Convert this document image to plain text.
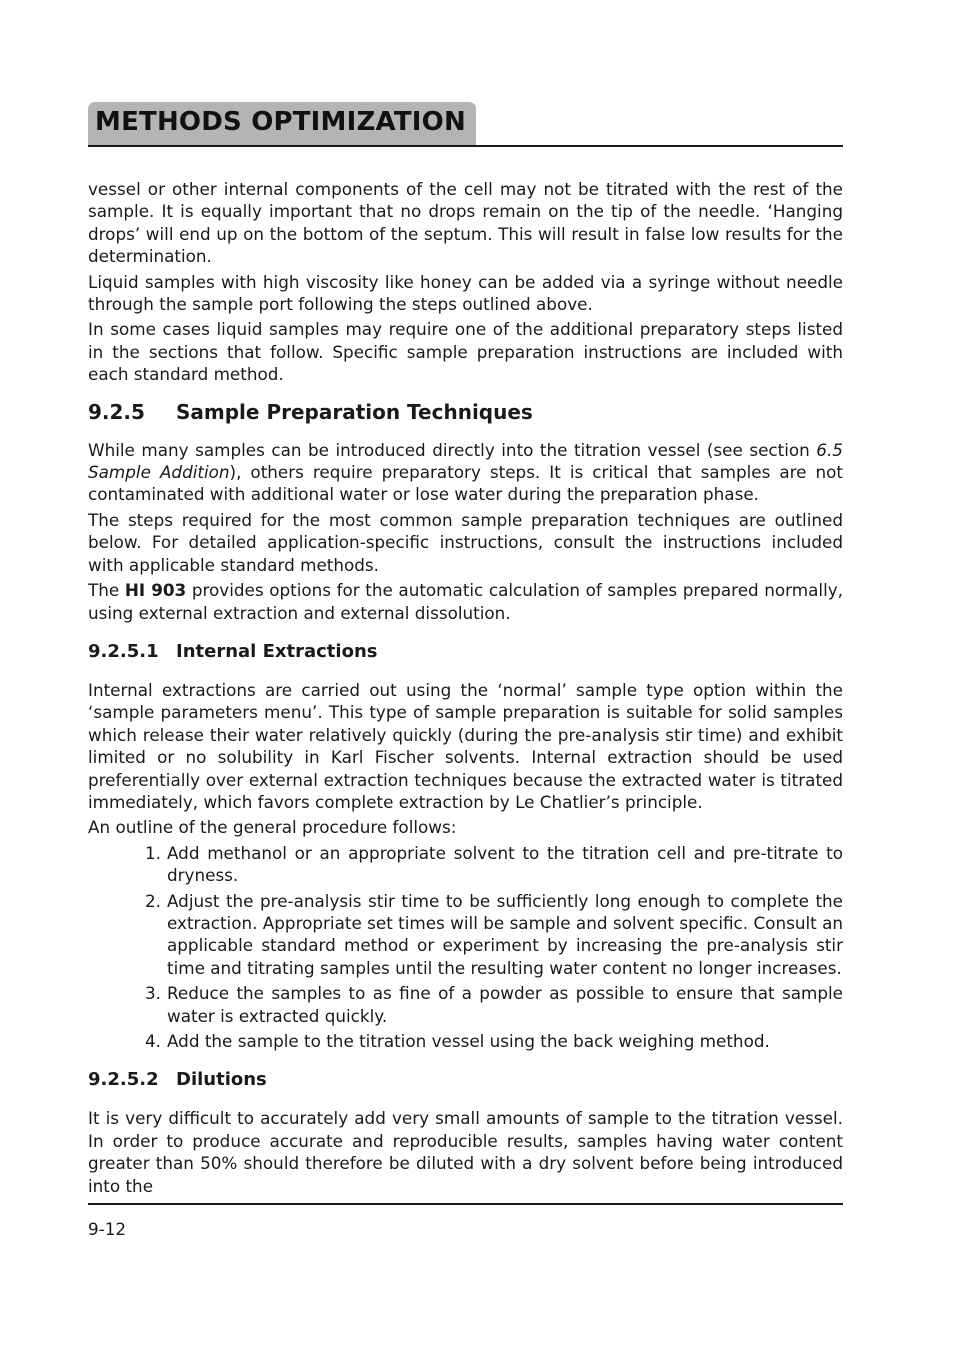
METHODS OPTIMIZATION

vessel or other internal components of the cell may not be titrated with the rest of the sample. It is equally important that no drops remain on the tip of the needle. ‘Hanging drops’ will end up on the bottom of the septum. This will result in false low results for the determination.

Liquid samples with high viscosity like honey can be added via a syringe without needle through the sample port following the steps outlined above.

In some cases liquid samples may require one of the additional preparatory steps listed in the sections that follow. Specific sample preparation instructions are included with each standard method.

9.2.5 Sample Preparation Techniques

While many samples can be introduced directly into the titration vessel (see section 6.5 Sample Addition), others require preparatory steps. It is critical that samples are not contaminated with additional water or lose water during the preparation phase.

The steps required for the most common sample preparation techniques are outlined below. For detailed application-specific instructions, consult the instructions included with applicable standard methods.

The HI 903 provides options for the automatic calculation of samples prepared normally, using external extraction and external dissolution.

9.2.5.1 Internal Extractions

Internal extractions are carried out using the ‘normal’ sample type option within the ‘sample parameters menu’. This type of sample preparation is suitable for solid samples which release their water relatively quickly (during the pre-analysis stir time) and exhibit limited or no solubility in Karl Fischer solvents. Internal extraction should be used preferentially over external extraction techniques because the extracted water is titrated immediately, which favors complete extraction by Le Chatlier’s principle.

An outline of the general procedure follows:

1. Add methanol or an appropriate solvent to the titration cell and pre-titrate to dryness.
2. Adjust the pre-analysis stir time to be sufficiently long enough to complete the extraction. Appropriate set times will be sample and solvent specific. Consult an applicable standard method or experiment by increasing the pre-analysis stir time and titrating samples until the resulting water content no longer increases.
3. Reduce the samples to as fine of a powder as possible to ensure that sample water is extracted quickly.
4. Add the sample to the titration vessel using the back weighing method.
9.2.5.2 Dilutions

It is very difficult to accurately add very small amounts of sample to the titration vessel. In order to produce accurate and reproducible results, samples having water content greater than 50% should therefore be diluted with a dry solvent before being introduced into the

9-12
